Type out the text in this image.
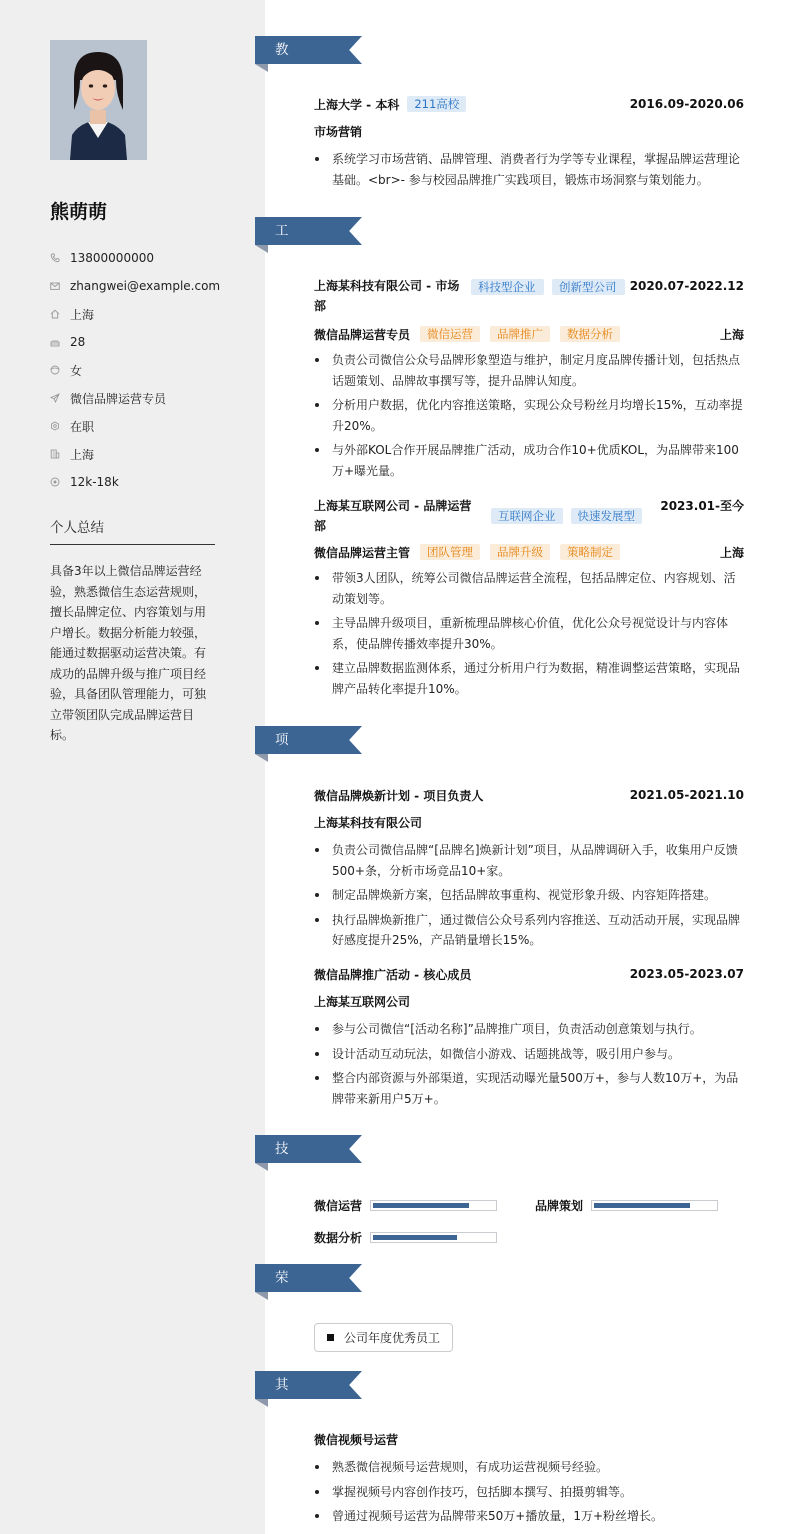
熊萌萌
13800000000
zhangwei@example.com
上海
28
女
微信品牌运营专员
在职
上海
12k-18k
个人总结
具备3年以上微信品牌运营经验，熟悉微信生态运营规则，擅长品牌定位、内容策划与用户增长。数据分析能力较强，能通过数据驱动运营决策。有成功的品牌升级与推广项目经验，具备团队管理能力，可独立带领团队完成品牌运营目标。
教育经历
上海大学 - 本科	211高校	2016.09-2020.06
市场营销
系统学习市场营销、品牌管理、消费者行为学等专业课程，掌握品牌运营理论基础。<br>- 参与校园品牌推广实践项目，锻炼市场洞察与策划能力。
工作经历
上海某科技有限公司 - 市场
部
科技型企业	创新型公司	2020.07-2022.12
微信品牌运营专员	微信运营	品牌推广	数据分析	上海
负责公司微信公众号品牌形象塑造与维护，制定月度品牌传播计划，包括热点话题策划、品牌故事撰写等，提升品牌认知度。
分析用户数据，优化内容推送策略，实现公众号粉丝月均增长15%，互动率提升20%。
与外部KOL合作开展品牌推广活动，成功合作10+优质KOL，为品牌带来100万+曝光量。
上海某互联网公司 - 品牌运营
部
互联网企业	快速发展型
2023.01-至今
微信品牌运营主管	团队管理	品牌升级	策略制定	上海
带领3人团队，统筹公司微信品牌运营全流程，包括品牌定位、内容规划、活动策划等。
主导品牌升级项目，重新梳理品牌核心价值，优化公众号视觉设计与内容体系，使品牌传播效率提升30%。
建立品牌数据监测体系，通过分析用户行为数据，精准调整运营策略，实现品牌产品转化率提升10%。
项目经历
微信品牌焕新计划 - 项目负责人	2021.05-2021.10
上海某科技有限公司
负责公司微信品牌“[品牌名]焕新计划”项目，从品牌调研入手，收集用户反馈500+条，分析市场竞品10+家。
制定品牌焕新方案，包括品牌故事重构、视觉形象升级、内容矩阵搭建。
执行品牌焕新推广，通过微信公众号系列内容推送、互动活动开展，实现品牌好感度提升25%，产品销量增长15%。
微信品牌推广活动 - 核心成员	2023.05-2023.07
上海某互联网公司
参与公司微信“[活动名称]”品牌推广项目，负责活动创意策划与执行。
设计活动互动玩法，如微信小游戏、话题挑战等，吸引用户参与。
整合内部资源与外部渠道，实现活动曝光量500万+，参与人数10万+，为品牌带来新用户5万+。
技能专长
微信运营	品牌策划
数据分析
荣誉奖项
公司年度优秀员工
其他信息
微信视频号运营
熟悉微信视频号运营规则，有成功运营视频号经验。
掌握视频号内容创作技巧，包括脚本撰写、拍摄剪辑等。
曾通过视频号运营为品牌带来50万+播放量，1万+粉丝增长。
